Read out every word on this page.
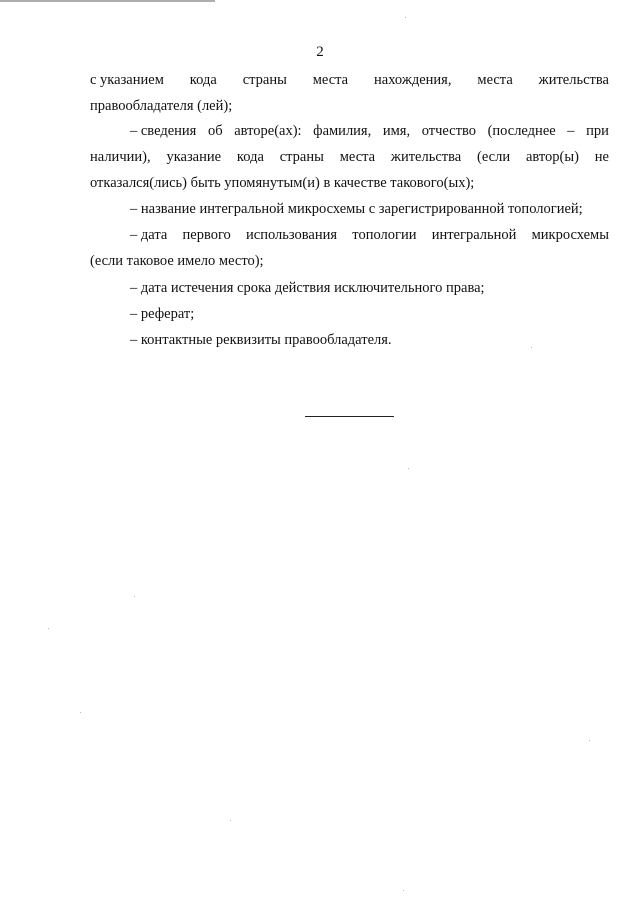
2
с указанием кода страны места нахождения, места жительства
правообладателя (лей);
– сведения об авторе(ах): фамилия, имя, отчество (последнее – при
наличии), указание кода страны места жительства (если автор(ы) не
отказался(лись) быть упомянутым(и) в качестве такового(ых);
– название интегральной микросхемы с зарегистрированной топологией;
– дата первого использования топологии интегральной микросхемы
(если таковое имело место);
– дата истечения срока действия исключительного права;
– реферат;
– контактные реквизиты правообладателя.
